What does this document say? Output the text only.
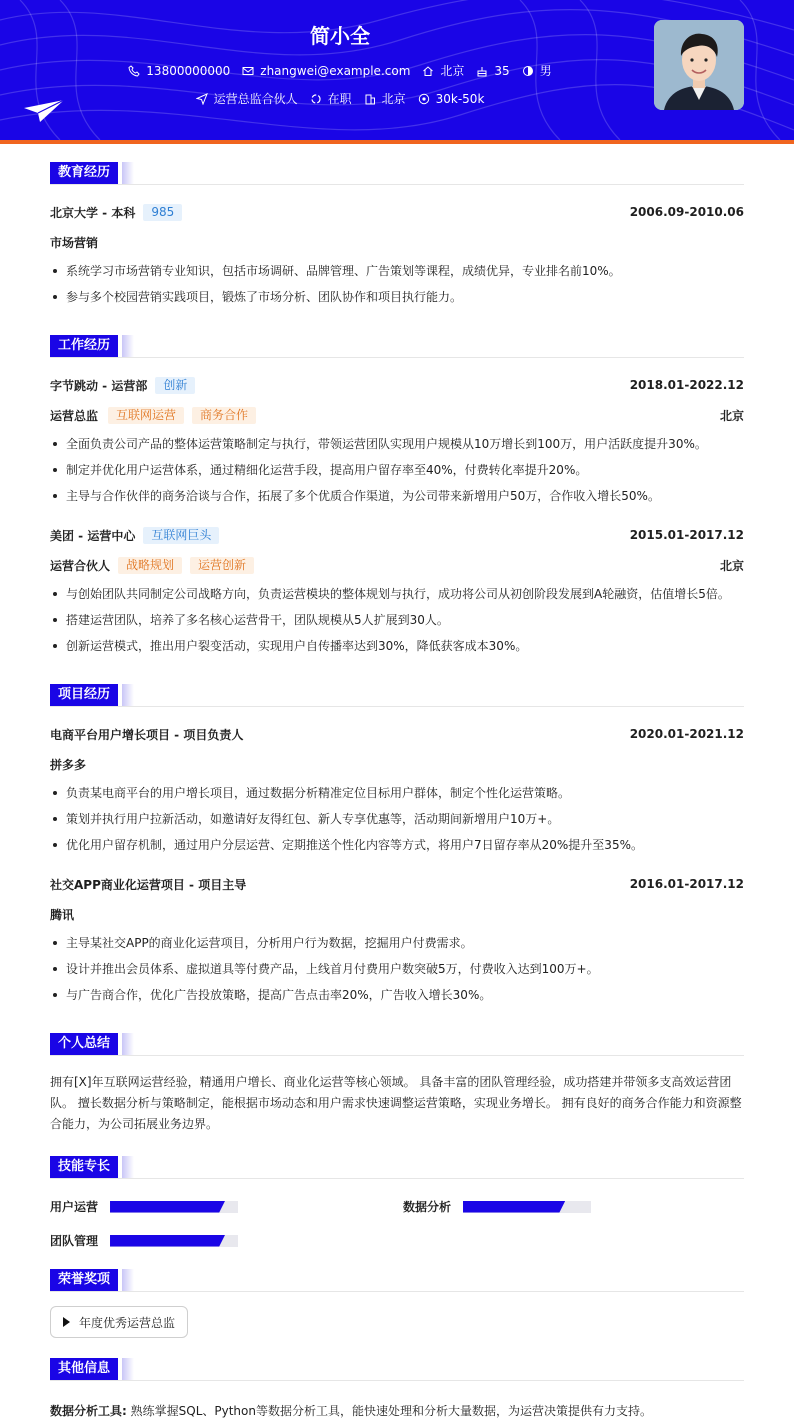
简小全
13800000000	zhangwei@example.com	北京	35	男
运营总监合伙人	在职	北京	30k-50k
教育经历
北京大学 - 本科	985	2006.09-2010.06
市场营销
系统学习市场营销专业知识，包括市场调研、品牌管理、广告策划等课程，成绩优异，专业排名前10%。
参与多个校园营销实践项目，锻炼了市场分析、团队协作和项目执行能力。
工作经历
字节跳动 - 运营部	创新	2018.01-2022.12
运营总监	互联网运营	商务合作	北京
全面负责公司产品的整体运营策略制定与执行，带领运营团队实现用户规模从10万增长到100万，用户活跃度提升30%。
制定并优化用户运营体系，通过精细化运营手段，提高用户留存率至40%，付费转化率提升20%。
主导与合作伙伴的商务洽谈与合作，拓展了多个优质合作渠道，为公司带来新增用户50万，合作收入增长50%。
美团 - 运营中心	互联网巨头	2015.01-2017.12
运营合伙人	战略规划	运营创新	北京
与创始团队共同制定公司战略方向，负责运营模块的整体规划与执行，成功将公司从初创阶段发展到A轮融资，估值增长5倍。
搭建运营团队，培养了多名核心运营骨干，团队规模从5人扩展到30人。
创新运营模式，推出用户裂变活动，实现用户自传播率达到30%，降低获客成本30%。
项目经历
电商平台用户增长项目 - 项目负责人	2020.01-2021.12
拼多多
负责某电商平台的用户增长项目，通过数据分析精准定位目标用户群体，制定个性化运营策略。
策划并执行用户拉新活动，如邀请好友得红包、新人专享优惠等，活动期间新增用户10万+。
优化用户留存机制，通过用户分层运营、定期推送个性化内容等方式，将用户7日留存率从20%提升至35%。
社交APP商业化运营项目 - 项目主导	2016.01-2017.12
腾讯
主导某社交APP的商业化运营项目，分析用户行为数据，挖掘用户付费需求。
设计并推出会员体系、虚拟道具等付费产品，上线首月付费用户数突破5万，付费收入达到100万+。
与广告商合作，优化广告投放策略，提高广告点击率20%，广告收入增长30%。
个人总结
拥有[X]年互联网运营经验，精通用户增长、商业化运营等核心领域。 具备丰富的团队管理经验，成功搭建并带领多支高效运营团队。 擅长数据分析与策略制定，能根据市场动态和用户需求快速调整运营策略，实现业务增长。 拥有良好的商务合作能力和资源整合能力，为公司拓展业务边界。
技能专长
用户运营	数据分析
团队管理
荣誉奖项
年度优秀运营总监
其他信息
数据分析工具: 熟练掌握SQL、Python等数据分析工具，能快速处理和分析大量数据，为运营决策提供有力支持。
